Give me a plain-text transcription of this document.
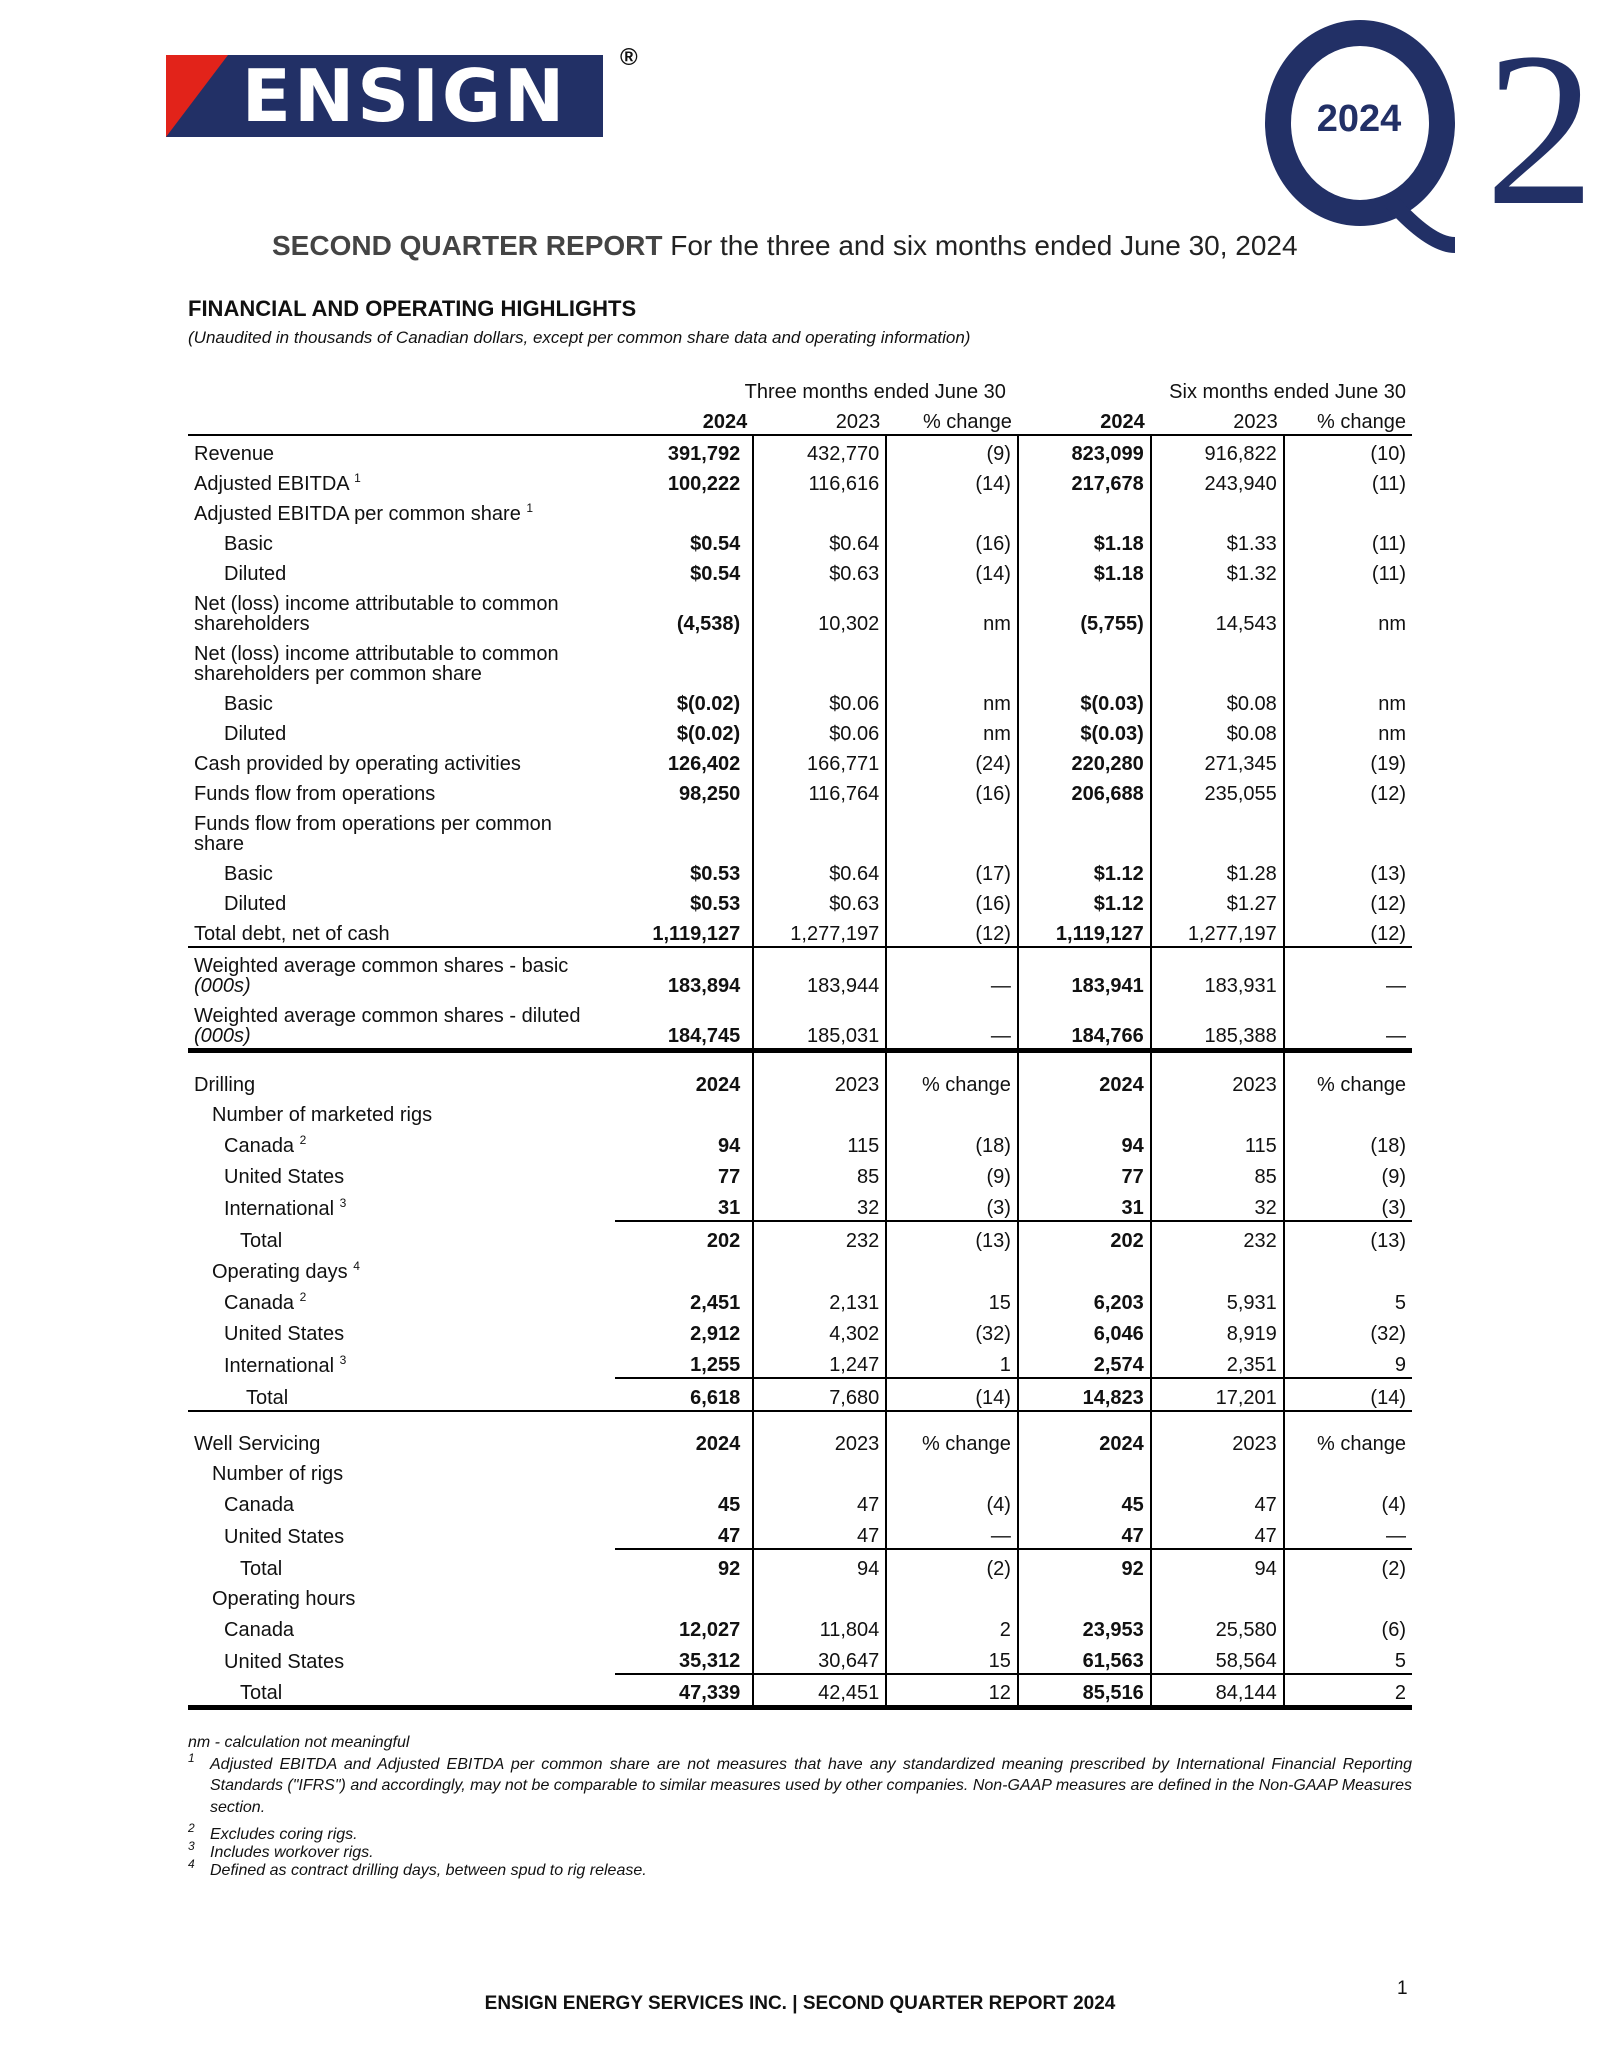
ENSIGN	®	2
2024
SECOND QUARTER REPORT For the three and six months ended June 30, 2024
FINANCIAL AND OPERATING HIGHLIGHTS
(Unaudited in thousands of Canadian dollars, except per common share data and operating information)
	Three months ended June 30			Six months ended June 30		
	2024	2023	% change	2024	2023	% change
Revenue	391,792	432,770	(9)	823,099	916,822	(10)
Adjusted EBITDA $^1$	100,222	116,616	(14)	217,678	243,940	(11)
Adjusted EBITDA per common share $^1$						
Basic	$0.54	$0.64	(16)	$1.18	$1.33	(11)
Diluted	$0.54	$0.63	(14)	$1.18	$1.32	(11)
Net (loss) income attributable to common
shareholders	(4,538)	10,302	nm	(5,755)	14,543	nm
Net (loss) income attributable to common
shareholders per common share						
Basic	$(0.02)	$0.06	nm	$(0.03)	$0.08	nm
Diluted	$(0.02)	$0.06	nm	$(0.03)	$0.08	nm
Cash provided by operating activities	126,402	166,771	(24)	220,280	271,345	(19)
Funds flow from operations	98,250	116,764	(16)	206,688	235,055	(12)
Funds flow from operations per common
share						
Basic	$0.53	$0.64	(17)	$1.12	$1.28	(13)
Diluted	$0.53	$0.63	(16)	$1.12	$1.27	(12)
Total debt, net of cash	1,119,127	1,277,197	(12)	1,119,127	1,277,197	(12)
Weighted average common shares - basic
(000s)	183,894	183,944	—	183,941	183,931	—
Weighted average common shares - diluted
(000s)	184,745	185,031	—	184,766	185,388	—
Drilling	2024	2023	% change	2024	2023	% change
Number of marketed rigs						
Canada $^2$	94	115	(18)	94	115	(18)
United States	77	85	(9)	77	85	(9)
International $^3$	31	32	(3)	31	32	(3)
Total	202	232	(13)	202	232	(13)
Operating days $^4$						
Canada $^2$	2,451	2,131	15	6,203	5,931	5
United States	2,912	4,302	(32)	6,046	8,919	(32)
International $^3$	1,255	1,247	1	2,574	2,351	9
Total	6,618	7,680	(14)	14,823	17,201	(14)
Well Servicing	2024	2023	% change	2024	2023	% change
Number of rigs						
Canada	45	47	(4)	45	47	(4)
United States	47	47	—	47	47	—
Total	92	94	(2)	92	94	(2)
Operating hours						
Canada	12,027	11,804	2	23,953	25,580	(6)
United States	35,312	30,647	15	61,563	58,564	5
Total	47,339	42,451	12	85,516	84,144	2
nm - calculation not meaningful
1 Adjusted EBITDA and Adjusted EBITDA per common share are not measures that have any standardized meaning prescribed by International Financial Reporting Standards ("IFRS") and accordingly, may not be comparable to similar measures used by other companies. Non-GAAP measures are defined in the Non-GAAP Measures section.
2 Excludes coring rigs.
3 Includes workover rigs.
4 Defined as contract drilling days, between spud to rig release.
ENSIGN ENERGY SERVICES INC. | SECOND QUARTER REPORT 2024
1
